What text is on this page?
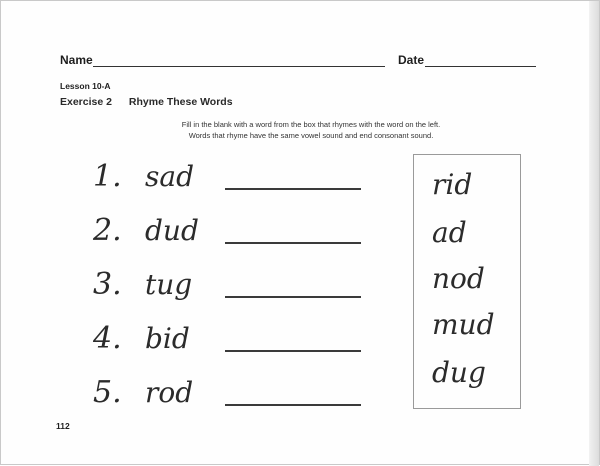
Name	Date
Lesson 10-A
Exercise 2 Rhyme These Words
Fill in the blank with a word from the box that rhymes with the word on the left.
Words that rhyme have the same vowel sound and end consonant sound.
1. sad
2. dud
3. tug
4. bid
5. rod
rid
ad
nod
mud
dug
112
